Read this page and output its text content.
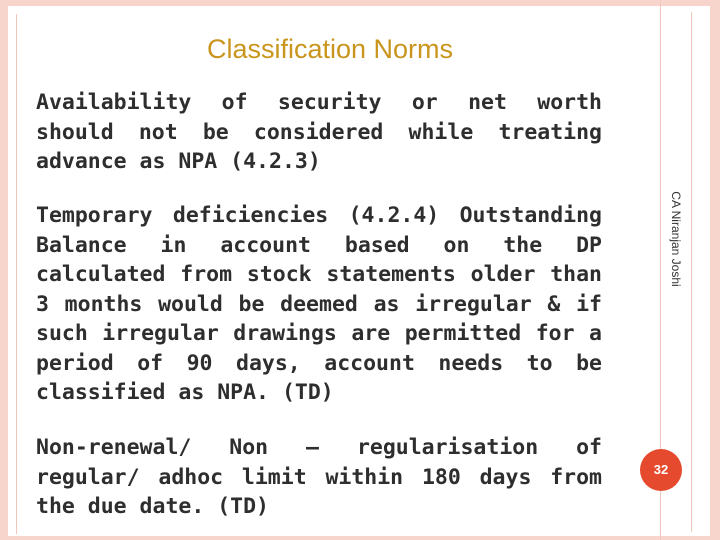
Classification Norms

Availability of security or net worth should not be considered while treating advance as NPA (4.2.3)

Temporary deficiencies (4.2.4) Outstanding Balance in account based on the DP calculated from stock statements older than 3 months would be deemed as irregular & if such irregular drawings are permitted for a period of 90 days, account needs to be classified as NPA. (TD)

Non-renewal/ Non – regularisation of regular/ adhoc limit within 180 days from the due date. (TD)

CA Niranjan Joshi
32
